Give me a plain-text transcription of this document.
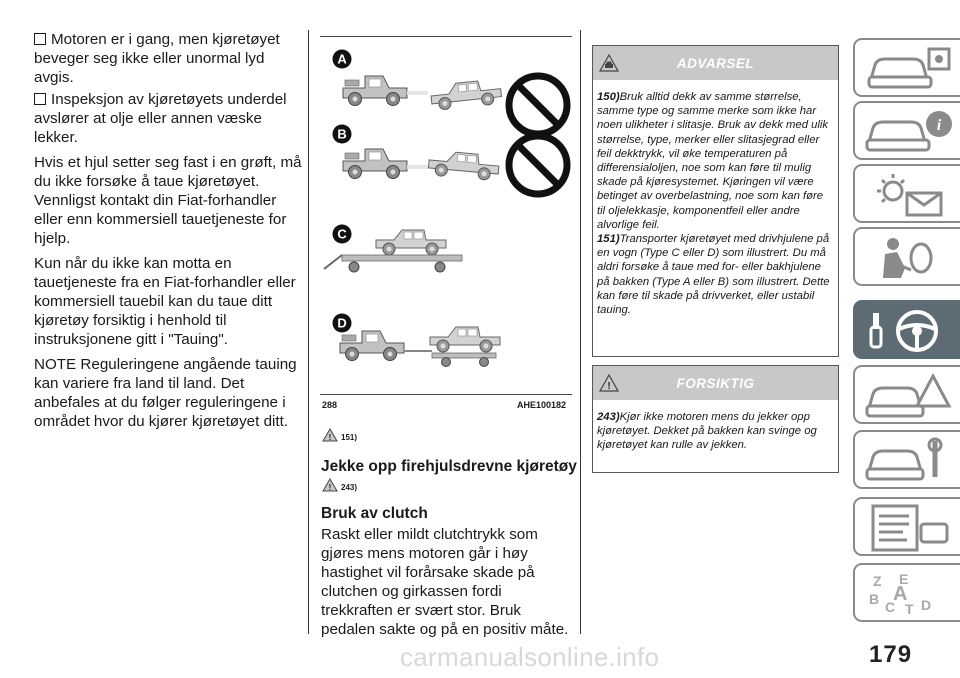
Motoren er i gang, men kjøretøyet beveger seg ikke eller unormal lyd avgis.

Inspeksjon av kjøretøyets underdel avslører at olje eller annen væske lekker.

Hvis et hjul setter seg fast i en grøft, må du ikke forsøke å taue kjøretøyet. Vennligst kontakt din Fiat-forhandler eller enn kommersiell tauetjeneste for hjelp.

Kun når du ikke kan motta en tauetjeneste fra en Fiat-forhandler eller kommersiell tauebil kan du taue ditt kjøretøy forsiktig i henhold til instruksjonene gitt i "Tauing".

NOTE Reguleringene angående tauing kan variere fra land til land. Det anbefales at du følger reguleringene i området hvor du kjører kjøretøyet ditt.

A
B
C
D
288	AHE100182
! 151)
Jekke opp firehjulsdrevne kjøretøy
! 243)
Bruk av clutch
Raskt eller mildt clutchtrykk som gjøres mens motoren går i høy hastighet vil forårsake skade på clutchen og girkassen fordi trekkraften er svært stor. Bruk pedalen sakte og på en positiv måte.
ADVARSEL
150)Bruk alltid dekk av samme størrelse, samme type og samme merke som ikke har noen ulikheter i slitasje. Bruk av dekk med ulik størrelse, type, merker eller slitasjegrad eller feil dekktrykk, vil øke temperaturen på differensialoljen, noe som kan føre til mulig skade på kjøresystemet. Kjøringen vil være betinget av overbelastning, noe som kan føre til oljelekkasje, komponentfeil eller andre alvorlige feil.
151)Transporter kjøretøyet med drivhjulene på en vogn (Type C eller D) som illustrert. Du må aldri forsøke å taue med for- eller bakhjulene på bakken (Type A eller B) som illustrert. Dette kan føre til skade på drivverket, eller ustabil tauing.
!	FORSIKTIG
243)Kjør ikke motoren mens du jekker opp kjøretøyet. Dekket på bakken kan svinge og kjøretøyet kan rulle av jekken.
i
Z E
B C T D
A
179
carmanualsonline.info
